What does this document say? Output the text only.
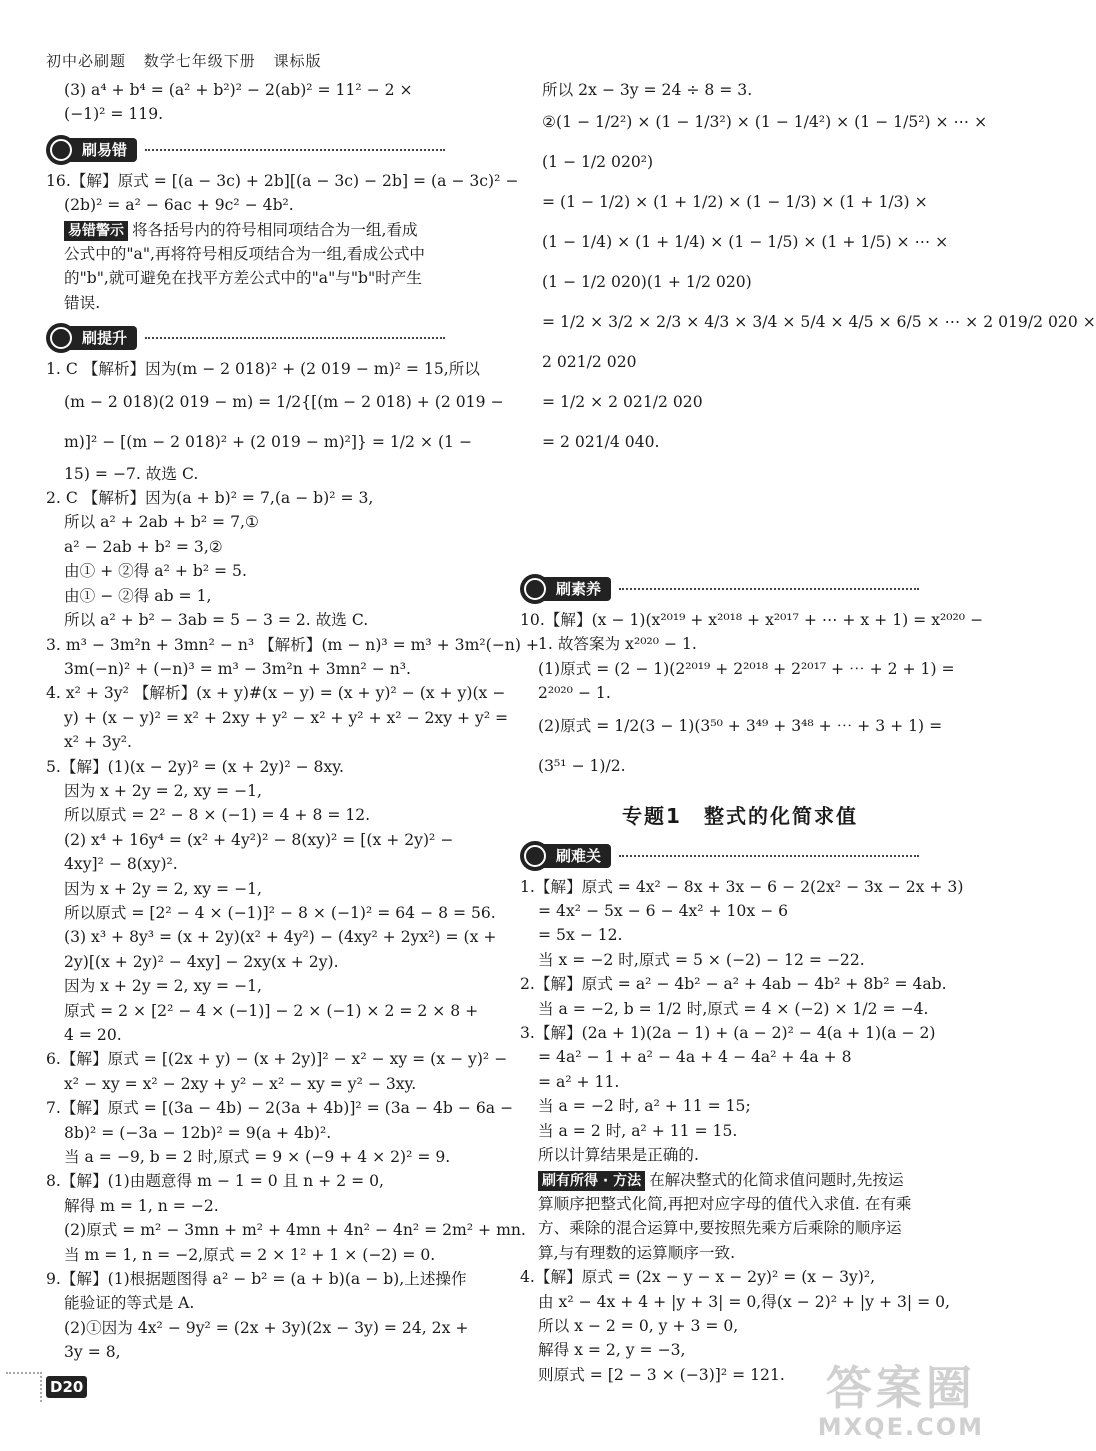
初中必刷题 数学七年级下册 课标版
(3) a⁴ + b⁴ = (a² + b²)² − 2(ab)² = 11² − 2 ×
(−1)² = 119.
刷易错
16.【解】原式 = [(a − 3c) + 2b][(a − 3c) − 2b] = (a − 3c)² −
(2b)² = a² − 6ac + 9c² − 4b².
易错警示 将各括号内的符号相同项结合为一组,看成
公式中的"a",再将符号相反项结合为一组,看成公式中
的"b",就可避免在找平方差公式中的"a"与"b"时产生
错误.
刷提升
1. C 【解析】因为(m − 2 018)² + (2 019 − m)² = 15,所以
(m − 2 018)(2 019 − m) = 1/2{[(m − 2 018) + (2 019 −
m)]² − [(m − 2 018)² + (2 019 − m)²]} = 1/2 × (1 −
15) = −7. 故选 C.
2. C 【解析】因为(a + b)² = 7,(a − b)² = 3,
所以 a² + 2ab + b² = 7,①
a² − 2ab + b² = 3,②
由① + ②得 a² + b² = 5.
由① − ②得 ab = 1,
所以 a² + b² − 3ab = 5 − 3 = 2. 故选 C.
3. m³ − 3m²n + 3mn² − n³ 【解析】(m − n)³ = m³ + 3m²(−n) +
3m(−n)² + (−n)³ = m³ − 3m²n + 3mn² − n³.
4. x² + 3y² 【解析】(x + y)#(x − y) = (x + y)² − (x + y)(x −
y) + (x − y)² = x² + 2xy + y² − x² + y² + x² − 2xy + y² =
x² + 3y².
5.【解】(1)(x − 2y)² = (x + 2y)² − 8xy.
因为 x + 2y = 2, xy = −1,
所以原式 = 2² − 8 × (−1) = 4 + 8 = 12.
(2) x⁴ + 16y⁴ = (x² + 4y²)² − 8(xy)² = [(x + 2y)² −
4xy]² − 8(xy)².
因为 x + 2y = 2, xy = −1,
所以原式 = [2² − 4 × (−1)]² − 8 × (−1)² = 64 − 8 = 56.
(3) x³ + 8y³ = (x + 2y)(x² + 4y²) − (4xy² + 2yx²) = (x +
2y)[(x + 2y)² − 4xy] − 2xy(x + 2y).
因为 x + 2y = 2, xy = −1,
原式 = 2 × [2² − 4 × (−1)] − 2 × (−1) × 2 = 2 × 8 +
4 = 20.
6.【解】原式 = [(2x + y) − (x + 2y)]² − x² − xy = (x − y)² −
x² − xy = x² − 2xy + y² − x² − xy = y² − 3xy.
7.【解】原式 = [(3a − 4b) − 2(3a + 4b)]² = (3a − 4b − 6a −
8b)² = (−3a − 12b)² = 9(a + 4b)².
当 a = −9, b = 2 时,原式 = 9 × (−9 + 4 × 2)² = 9.
8.【解】(1)由题意得 m − 1 = 0 且 n + 2 = 0,
解得 m = 1, n = −2.
(2)原式 = m² − 3mn + m² + 4mn + 4n² − 4n² = 2m² + mn.
当 m = 1, n = −2,原式 = 2 × 1² + 1 × (−2) = 0.
9.【解】(1)根据题图得 a² − b² = (a + b)(a − b),上述操作
能验证的等式是 A.
(2)①因为 4x² − 9y² = (2x + 3y)(2x − 3y) = 24, 2x +
3y = 8,
所以 2x − 3y = 24 ÷ 8 = 3.
②(1 − 1/2²) × (1 − 1/3²) × (1 − 1/4²) × (1 − 1/5²) × ⋯ ×
(1 − 1/2 020²)
= (1 − 1/2) × (1 + 1/2) × (1 − 1/3) × (1 + 1/3) ×
(1 − 1/4) × (1 + 1/4) × (1 − 1/5) × (1 + 1/5) × ⋯ ×
(1 − 1/2 020)(1 + 1/2 020)
= 1/2 × 3/2 × 2/3 × 4/3 × 3/4 × 5/4 × 4/5 × 6/5 × ⋯ × 2 019/2 020 ×
2 021/2 020
= 1/2 × 2 021/2 020
= 2 021/4 040.
刷素养
10.【解】(x − 1)(x²⁰¹⁹ + x²⁰¹⁸ + x²⁰¹⁷ + ⋯ + x + 1) = x²⁰²⁰ −
1. 故答案为 x²⁰²⁰ − 1.
(1)原式 = (2 − 1)(2²⁰¹⁹ + 2²⁰¹⁸ + 2²⁰¹⁷ + ⋯ + 2 + 1) =
2²⁰²⁰ − 1.
(2)原式 = 1/2(3 − 1)(3⁵⁰ + 3⁴⁹ + 3⁴⁸ + ⋯ + 3 + 1) =
(3⁵¹ − 1)/2.
专题1　整式的化简求值
刷难关
1.【解】原式 = 4x² − 8x + 3x − 6 − 2(2x² − 3x − 2x + 3)
= 4x² − 5x − 6 − 4x² + 10x − 6
= 5x − 12.
当 x = −2 时,原式 = 5 × (−2) − 12 = −22.
2.【解】原式 = a² − 4b² − a² + 4ab − 4b² + 8b² = 4ab.
当 a = −2, b = 1/2 时,原式 = 4 × (−2) × 1/2 = −4.
3.【解】(2a + 1)(2a − 1) + (a − 2)² − 4(a + 1)(a − 2)
= 4a² − 1 + a² − 4a + 4 − 4a² + 4a + 8
= a² + 11.
当 a = −2 时, a² + 11 = 15;
当 a = 2 时, a² + 11 = 15.
所以计算结果是正确的.
刷有所得 · 方法 在解决整式的化简求值问题时,先按运
算顺序把整式化简,再把对应字母的值代入求值. 在有乘
方、乘除的混合运算中,要按照先乘方后乘除的顺序运
算,与有理数的运算顺序一致.
4.【解】原式 = (2x − y − x − 2y)² = (x − 3y)²,
由 x² − 4x + 4 + |y + 3| = 0,得(x − 2)² + |y + 3| = 0,
所以 x − 2 = 0, y + 3 = 0,
解得 x = 2, y = −3,
则原式 = [2 − 3 × (−3)]² = 121.
D20	答案圈
MXQE.COM
